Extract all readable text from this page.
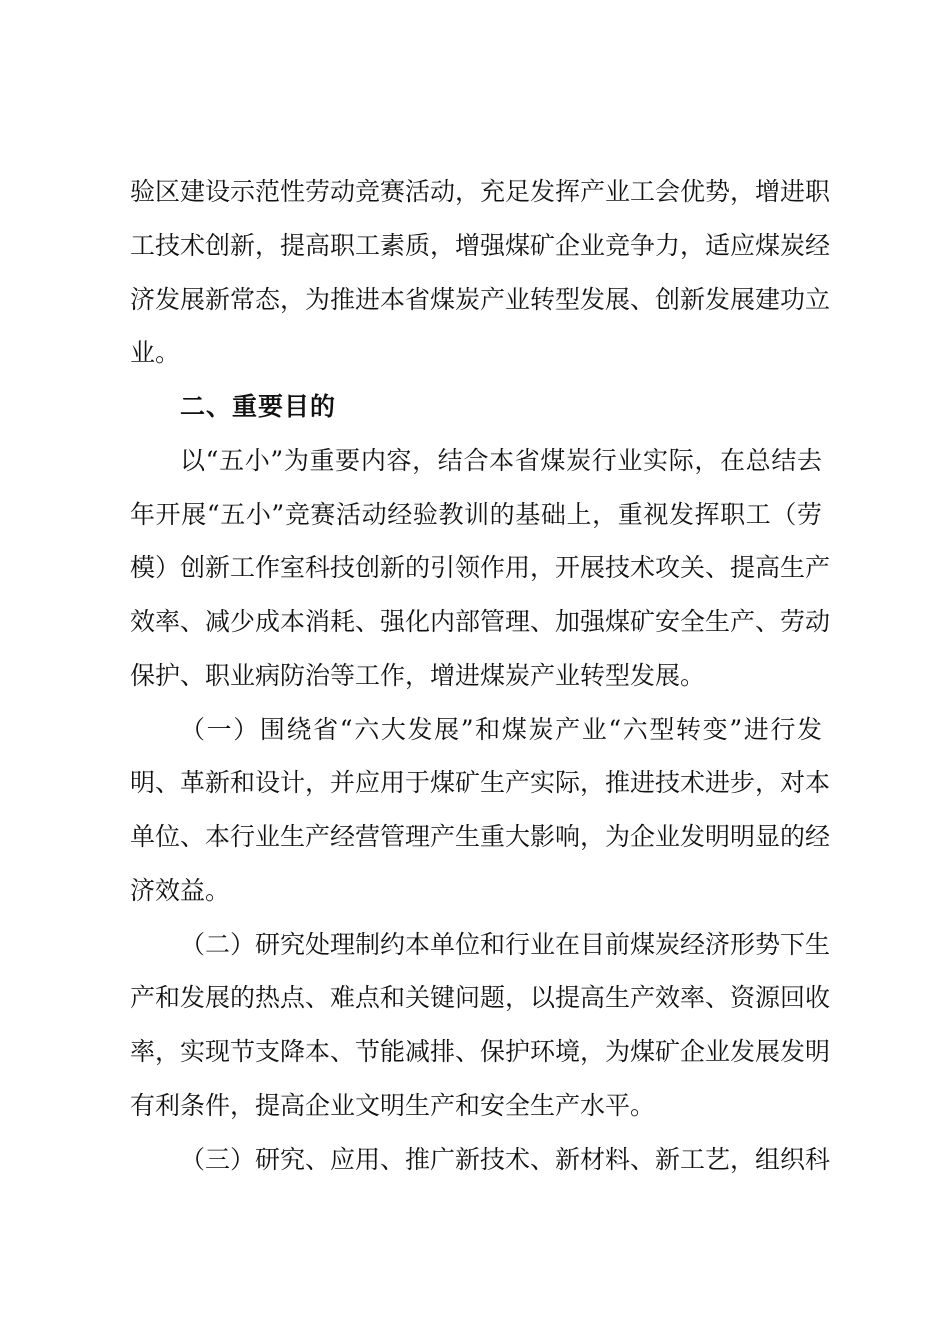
验区建设示范性劳动竞赛活动，充足发挥产业工会优势，增进职
工技术创新，提高职工素质，增强煤矿企业竞争力，适应煤炭经
济发展新常态，为推进本省煤炭产业转型发展、创新发展建功立
业。
二、重要目的
以“五小”为重要内容，结合本省煤炭行业实际，在总结去
年开展“五小”竞赛活动经验教训的基础上，重视发挥职工（劳
模）创新工作室科技创新的引领作用，开展技术攻关、提高生产
效率、减少成本消耗、强化内部管理、加强煤矿安全生产、劳动
保护、职业病防治等工作，增进煤炭产业转型发展。
（一）围绕省“六大发展”和煤炭产业“六型转变”进行发
明、革新和设计，并应用于煤矿生产实际，推进技术进步，对本
单位、本行业生产经营管理产生重大影响，为企业发明明显的经
济效益。
（二）研究处理制约本单位和行业在目前煤炭经济形势下生
产和发展的热点、难点和关键问题，以提高生产效率、资源回收
率，实现节支降本、节能减排、保护环境，为煤矿企业发展发明
有利条件，提高企业文明生产和安全生产水平。
（三）研究、应用、推广新技术、新材料、新工艺，组织科
